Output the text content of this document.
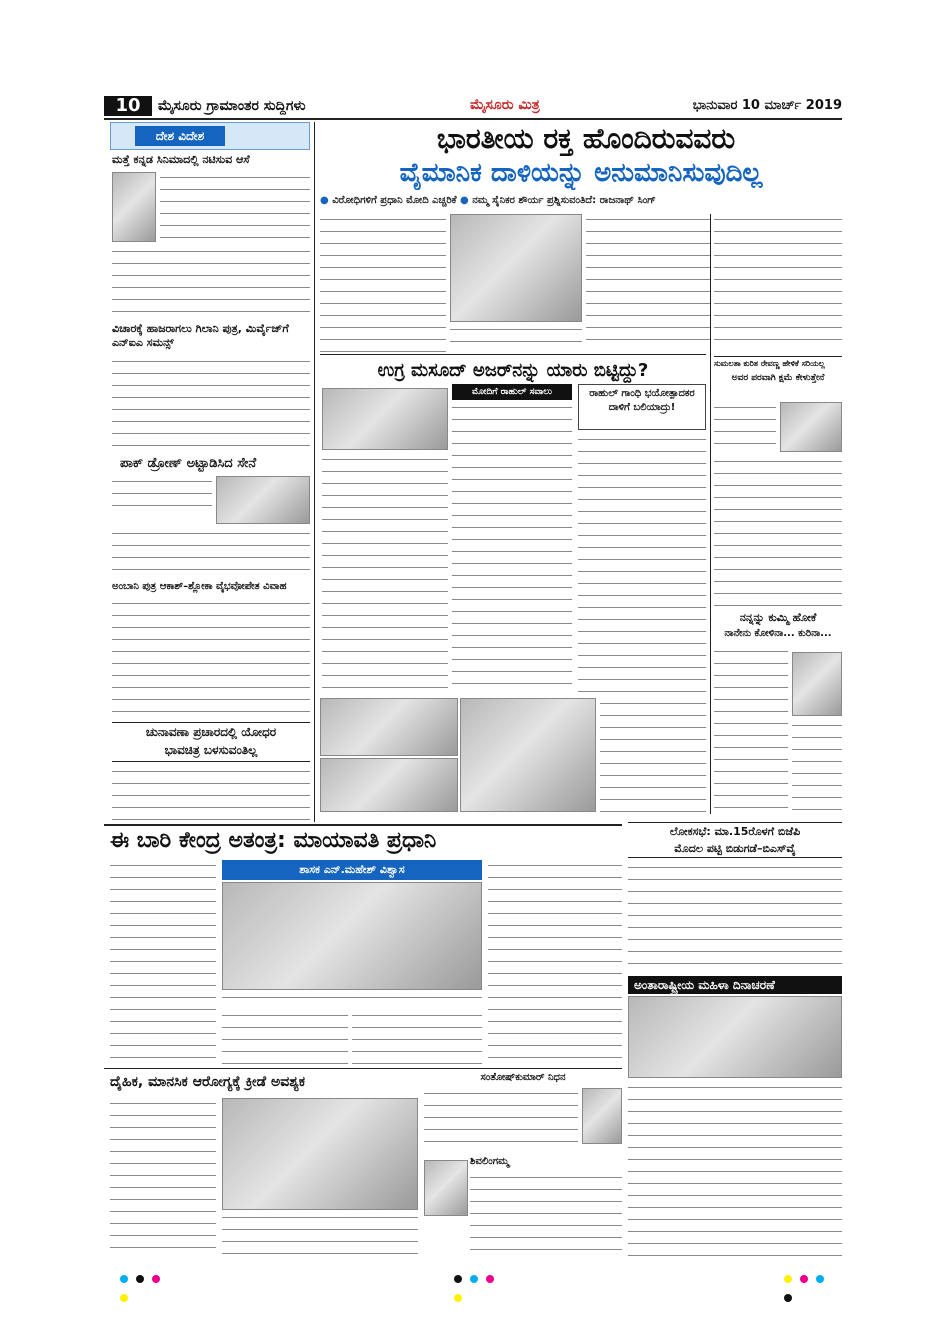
10	ಮೈಸೂರು ಗ್ರಾಮಾಂತರ ಸುದ್ದಿಗಳು	ಮೈಸೂರು ಮಿತ್ರ	ಭಾನುವಾರ 10 ಮಾರ್ಚ್ 2019
ದೇಶ ವಿದೇಶ
ಮತ್ತೆ ಕನ್ನಡ ಸಿನಿಮಾದಲ್ಲಿ ನಟಿಸುವ ಆಸೆ
ವಿಚಾರಕ್ಕೆ ಹಾಜರಾಗಲು ಗಿಲಾನಿ ಪುತ್ರ, ಮಿರ್ವೈಜ್‌ಗೆ ಎನ್‌ಐಎ ಸಮನ್ಸ್
ಪಾಕ್ ಡ್ರೋಣ್ ಅಟ್ಟಾಡಿಸಿದ ಸೇನೆ
ಅಂಬಾನಿ ಪುತ್ರ ಆಕಾಶ್–ಶ್ಲೋಕಾ ವೈಭವೋಪೇತ ವಿವಾಹ
ಚುನಾವಣಾ ಪ್ರಚಾರದಲ್ಲಿ ಯೋಧರ
ಭಾವಚಿತ್ರ ಬಳಸುವಂತಿಲ್ಲ
ಭಾರತೀಯ ರಕ್ತ ಹೊಂದಿರುವವರು
ವೈಮಾನಿಕ ದಾಳಿಯನ್ನು ಅನುಮಾನಿಸುವುದಿಲ್ಲ
● ವಿರೋಧಿಗಳಿಗೆ ಪ್ರಧಾನಿ ಮೋದಿ ಎಚ್ಚರಿಕೆ ● ನಮ್ಮ ಸೈನಿಕರ ಶೌರ್ಯ ಪ್ರಶ್ನಿಸುವಂತಿದೆ: ರಾಜನಾಥ್ ಸಿಂಗ್
ಉಗ್ರ ಮಸೂದ್ ಅಜರ್‌ನನ್ನು ಯಾರು ಬಿಟ್ಟಿದ್ದು?
ಮೋದಿಗೆ ರಾಹುಲ್ ಸವಾಲು	ರಾಹುಲ್ ಗಾಂಧಿ ಭಯೋತ್ಪಾದಕರ ದಾಳಿಗೆ ಬಲಿಯಾದ್ರು!
ಸುಮಲತಾ ಕುರಿತ ರೇವಣ್ಣ ಹೇಳಿಕೆ ಸರಿಯಲ್ಲ
ಅವರ ಪರವಾಗಿ ಕ್ಷಮೆ ಕೇಳುತ್ತೇನೆ
ನನ್ನನ್ನು ಕುಮ್ಮಿ ಹೋಕೆ
ನಾನೇನು ಕೋಳಿನಾ... ಕುರಿನಾ...
ಈ ಬಾರಿ ಕೇಂದ್ರ ಅತಂತ್ರ: ಮಾಯಾವತಿ ಪ್ರಧಾನಿ
ಶಾಸಕ ಎನ್.ಮಹೇಶ್ ವಿಶ್ವಾಸ
ಲೋಕಸಭೆ: ಮಾ.15ರೊಳಗೆ ಬಿಜೆಪಿ
ಮೊದಲ ಪಟ್ಟಿ ಬಿಡುಗಡೆ–ಬಿಎಸ್‌ವೈ
ಅಂತಾರಾಷ್ಟ್ರೀಯ ಮಹಿಳಾ ದಿನಾಚರಣೆ
ದೈಹಿಕ, ಮಾನಸಿಕ ಆರೋಗ್ಯಕ್ಕೆ ಕ್ರೀಡೆ ಅವಶ್ಯಕ	ಸಂತೋಷ್‌ಕುಮಾರ್ ನಿಧನ
ಶಿವಲಿಂಗಮ್ಮ
